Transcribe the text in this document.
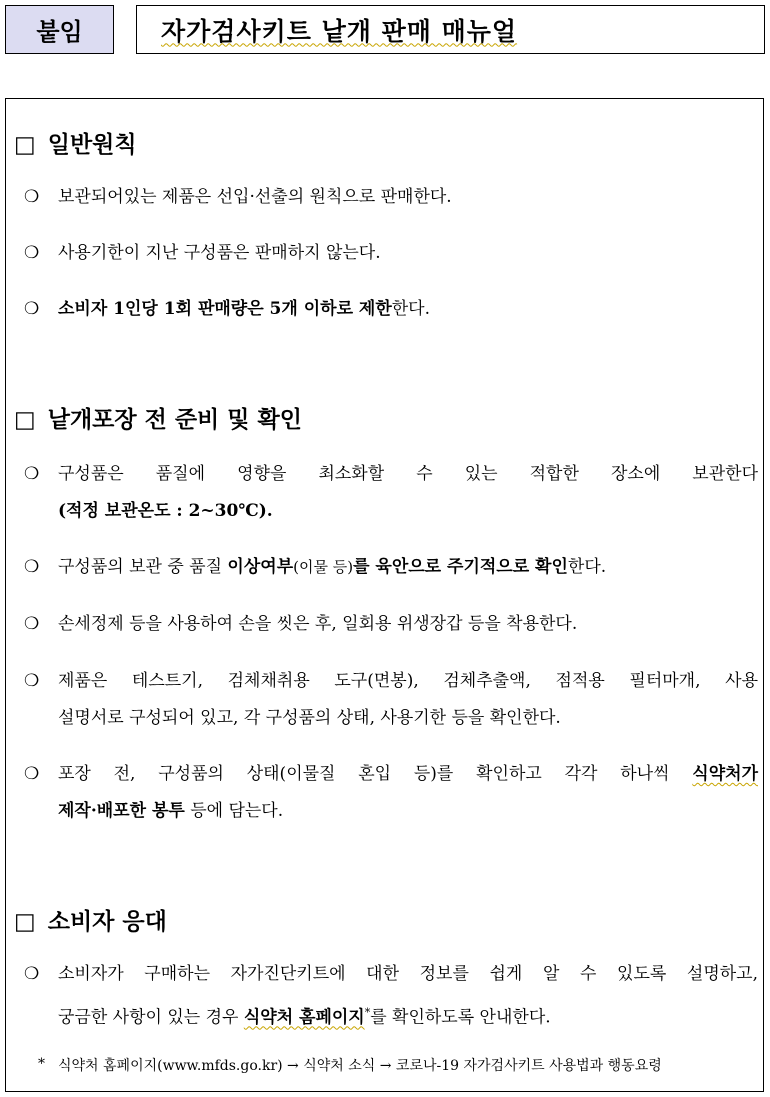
붙임	자가검사키트 낱개 판매 매뉴얼
□ 일반원칙
❍ 보관되어있는 제품은 선입·선출의 원칙으로 판매한다.
❍ 사용기한이 지난 구성품은 판매하지 않는다.
❍ 소비자 1인당 1회 판매량은 5개 이하로 제한한다.
□ 낱개포장 전 준비 및 확인
❍ 구성품은 품질에 영향을 최소화할 수 있는 적합한 장소에 보관한다
(적정 보관온도 : 2~30℃).
❍ 구성품의 보관 중 품질 이상여부(이물 등)를 육안으로 주기적으로 확인한다.
❍ 손세정제 등을 사용하여 손을 씻은 후, 일회용 위생장갑 등을 착용한다.
❍ 제품은 테스트기, 검체채취용 도구(면봉), 검체추출액, 점적용 필터마개, 사용
설명서로 구성되어 있고, 각 구성품의 상태, 사용기한 등을 확인한다.
❍ 포장 전, 구성품의 상태(이물질 혼입 등)를 확인하고 각각 하나씩 식약처가
제작·배포한 봉투 등에 담는다.
□ 소비자 응대
❍ 소비자가 구매하는 자가진단키트에 대한 정보를 쉽게 알 수 있도록 설명하고,
궁금한 사항이 있는 경우 식약처 홈페이지*를 확인하도록 안내한다.
* 식약처 홈페이지(www.mfds.go.kr) → 식약처 소식 → 코로나-19 자가검사키트 사용법과 행동요령
